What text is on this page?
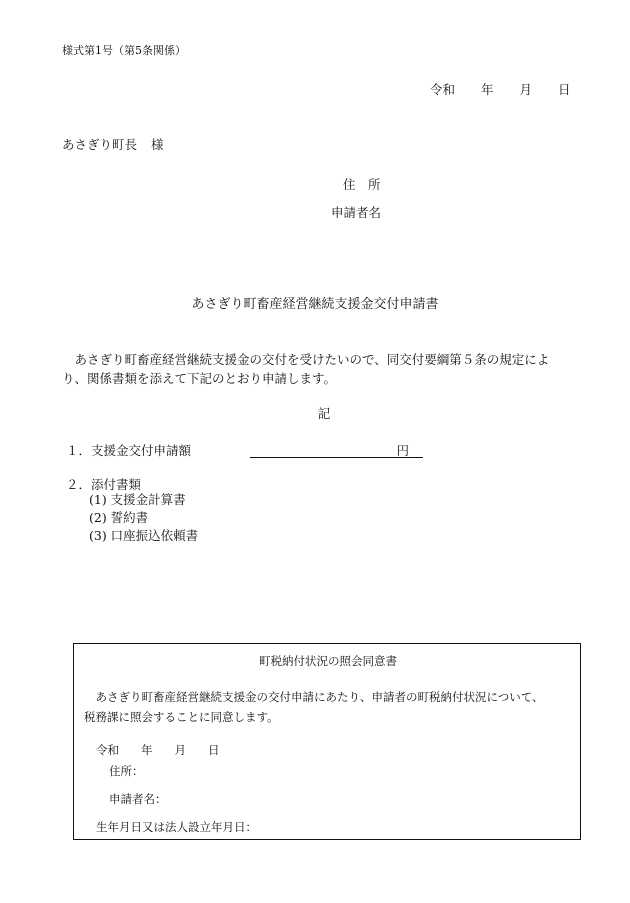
様式第1号（第5条関係）
令和 年 月 日
あさぎり町長 様
住　所
申請者名
あさぎり町畜産経営継続支援金交付申請書
　あさぎり町畜産経営継続支援金の交付を受けたいので、同交付要綱第５条の規定によ
り、関係書類を添えて下記のとおり申請します。
記
１．支援金交付申請額	円
２．添付書類
(1) 支援金計算書
(2) 誓約書
(3) 口座振込依頼書
町税納付状況の照会同意書
　あさぎり町畜産経営継続支援金の交付申請にあたり、申請者の町税納付状況について、
税務課に照会することに同意します。
令和 年 月 日
住所：
申請者名：
生年月日又は法人設立年月日：
